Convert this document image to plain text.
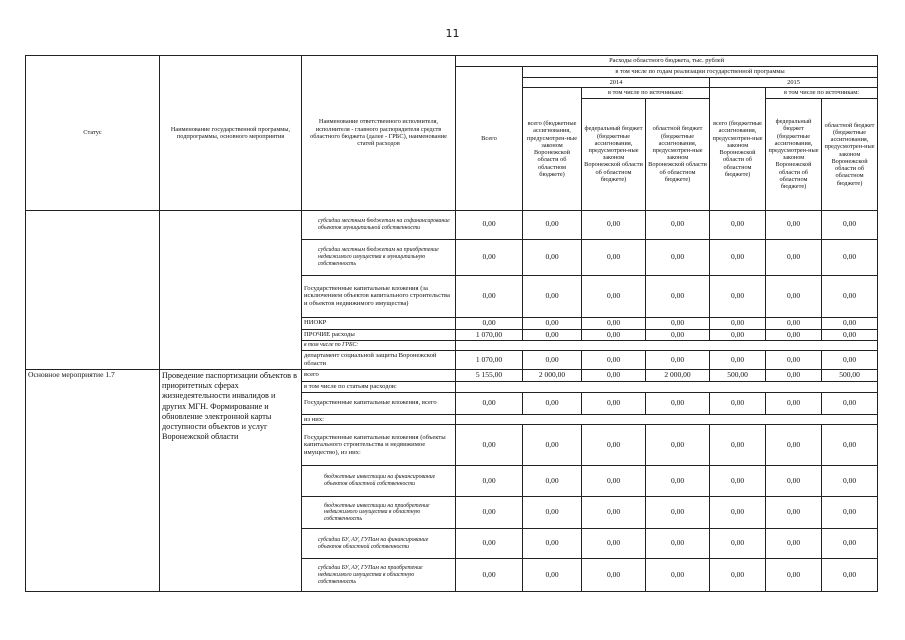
11
Статус	Наименование государственной программы, подпрограммы, основного мероприятия	Наименование ответственного исполнителя, исполнителя - главного распорядителя средств областного бюджета (далее - ГРБС), наименование статей расходов	Расходы областного бюджета, тыс. рублей						
			Всего	в том числе по годам реализации государственной программы					
				2014			2015		
				всего (бюджетные ассигнования, предусмотрен-ные законом Воронежской области об областном бюджете)	в том числе по источникам:		всего (бюджетные ассигнования, предусмотрен-ные законом Воронежской области об областном бюджете)	в том числе по источникам:	
					федеральный бюджет (бюджетные ассигнования, предусмотрен-ные законом Воронежской области об областном бюджете)	областной бюджет (бюджетные ассигнования, предусмотрен-ные законом Воронежской области об областном бюджете)		федеральный бюджет (бюджетные ассигнования, предусмотрен-ные законом Воронежской области об областном бюджете)	областной бюджет (бюджетные ассигнования, предусмотрен-ные законом Воронежской области об областном бюджете)
		субсидии местным бюджетам на софинансирование объектов муниципальной собственности	0,00	0,00	0,00	0,00	0,00	0,00	0,00
		субсидии местным бюджетам на приобретение недвижимого имущества в муниципальную собственность	0,00	0,00	0,00	0,00	0,00	0,00	0,00
		Государственные капитальные вложения (за исключением объектов капитального строительства и объектов недвижимого имущества)	0,00	0,00	0,00	0,00	0,00	0,00	0,00
		НИОКР	0,00	0,00	0,00	0,00	0,00	0,00	0,00
		ПРОЧИЕ расходы	1 070,00	0,00	0,00	0,00	0,00	0,00	0,00
		в том числе по ГРБС:							
		департамент социальной защиты Воронежской области	1 070,00	0,00	0,00	0,00	0,00	0,00	0,00
Основное мероприятие 1.7	Проведение паспортизации объектов в приоритетных сферах жизнедеятельности инвалидов и других МГН. Формирование и обновление электронной карты доступности объектов и услуг Воронежской области	всего	5 155,00	2 000,00	0,00	2 000,00	500,00	0,00	500,00
		в том числе по статьям расходов:							
		Государственные капитальные вложения, всего	0,00	0,00	0,00	0,00	0,00	0,00	0,00
		из них:							
		Государственные капитальные вложения (объекты капитального строительства и недвижимое имущество), из них:	0,00	0,00	0,00	0,00	0,00	0,00	0,00
		бюджетные инвестиции на финансирование объектов областной собственности	0,00	0,00	0,00	0,00	0,00	0,00	0,00
		бюджетные инвестиции на приобретение недвижимого имущества в областную собственность	0,00	0,00	0,00	0,00	0,00	0,00	0,00
		субсидии БУ, АУ, ГУПам на финансирование объектов областной собственности	0,00	0,00	0,00	0,00	0,00	0,00	0,00
		субсидии БУ, АУ, ГУПам на приобретение недвижимого имущества в областную собственность	0,00	0,00	0,00	0,00	0,00	0,00	0,00
